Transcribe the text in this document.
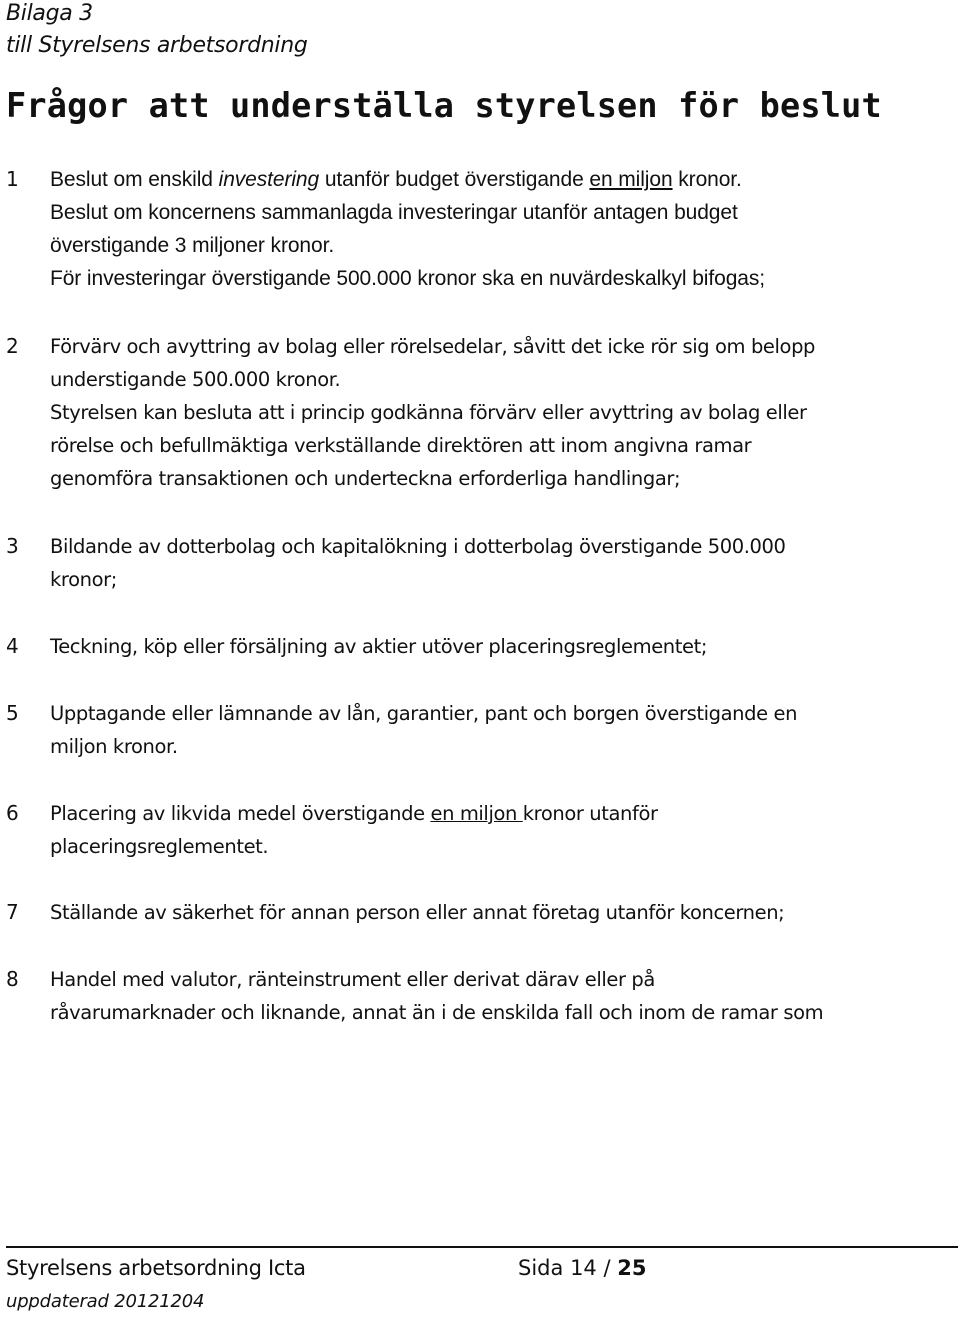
Bilaga 3
till Styrelsens arbetsordning
Frågor att underställa styrelsen för beslut
1 Beslut om enskild investering utanför budget överstigande en miljon kronor.
Beslut om koncernens sammanlagda investeringar utanför antagen budget
överstigande 3 miljoner kronor.
För investeringar överstigande 500.000 kronor ska en nuvärdeskalkyl bifogas;
2 Förvärv och avyttring av bolag eller rörelsedelar, såvitt det icke rör sig om belopp
understigande 500.000 kronor.
Styrelsen kan besluta att i princip godkänna förvärv eller avyttring av bolag eller
rörelse och befullmäktiga verkställande direktören att inom angivna ramar
genomföra transaktionen och underteckna erforderliga handlingar;
3 Bildande av dotterbolag och kapitalökning i dotterbolag överstigande 500.000
kronor;
4 Teckning, köp eller försäljning av aktier utöver placeringsreglementet;
5 Upptagande eller lämnande av lån, garantier, pant och borgen överstigande en
miljon kronor.
6 Placering av likvida medel överstigande en miljon kronor utanför
placeringsreglementet.
7 Ställande av säkerhet för annan person eller annat företag utanför koncernen;
8 Handel med valutor, ränteinstrument eller derivat därav eller på
råvarumarknader och liknande, annat än i de enskilda fall och inom de ramar som
Styrelsens arbetsordning Icta	Sida 14 / 25
uppdaterad 20121204
